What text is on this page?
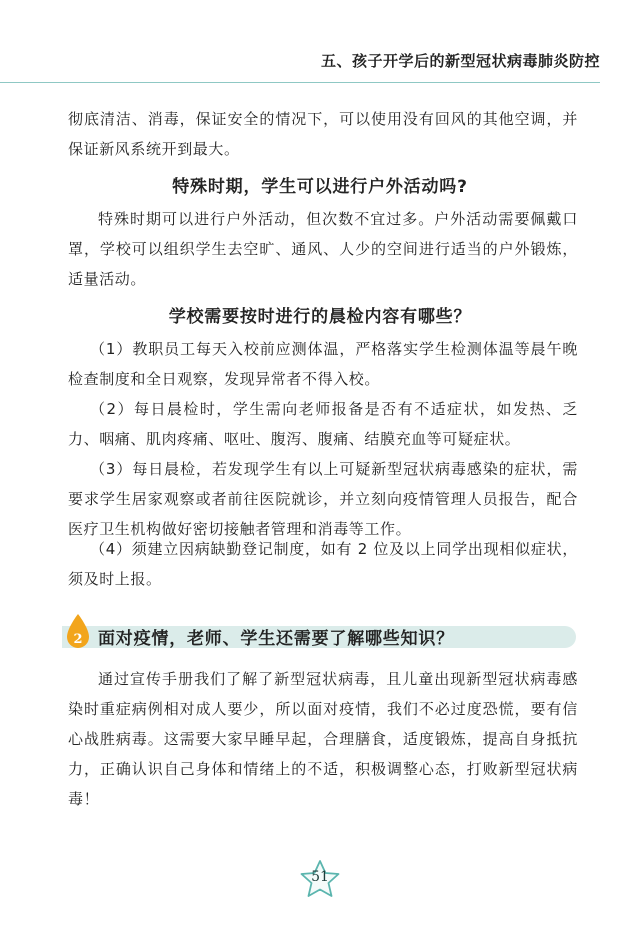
五、孩子开学后的新型冠状病毒肺炎防控
彻底清洁、消毒，保证安全的情况下，可以使用没有回风的其他空调，并保证新风系统开到最大。
特殊时期，学生可以进行户外活动吗?
特殊时期可以进行户外活动，但次数不宜过多。户外活动需要佩戴口罩，学校可以组织学生去空旷、通风、人少的空间进行适当的户外锻炼，适量活动。
学校需要按时进行的晨检内容有哪些？
（1）教职员工每天入校前应测体温，严格落实学生检测体温等晨午晚检查制度和全日观察，发现异常者不得入校。
（2）每日晨检时，学生需向老师报备是否有不适症状，如发热、乏力、咽痛、肌肉疼痛、呕吐、腹泻、腹痛、结膜充血等可疑症状。
（3）每日晨检，若发现学生有以上可疑新型冠状病毒感染的症状，需要求学生居家观察或者前往医院就诊，并立刻向疫情管理人员报告，配合医疗卫生机构做好密切接触者管理和消毒等工作。
（4）须建立因病缺勤登记制度，如有 2 位及以上同学出现相似症状，须及时上报。
2 面对疫情，老师、学生还需要了解哪些知识？
通过宣传手册我们了解了新型冠状病毒，且儿童出现新型冠状病毒感染时重症病例相对成人要少，所以面对疫情，我们不必过度恐慌，要有信心战胜病毒。这需要大家早睡早起，合理膳食，适度锻炼，提高自身抵抗力，正确认识自己身体和情绪上的不适，积极调整心态，打败新型冠状病毒！
51
